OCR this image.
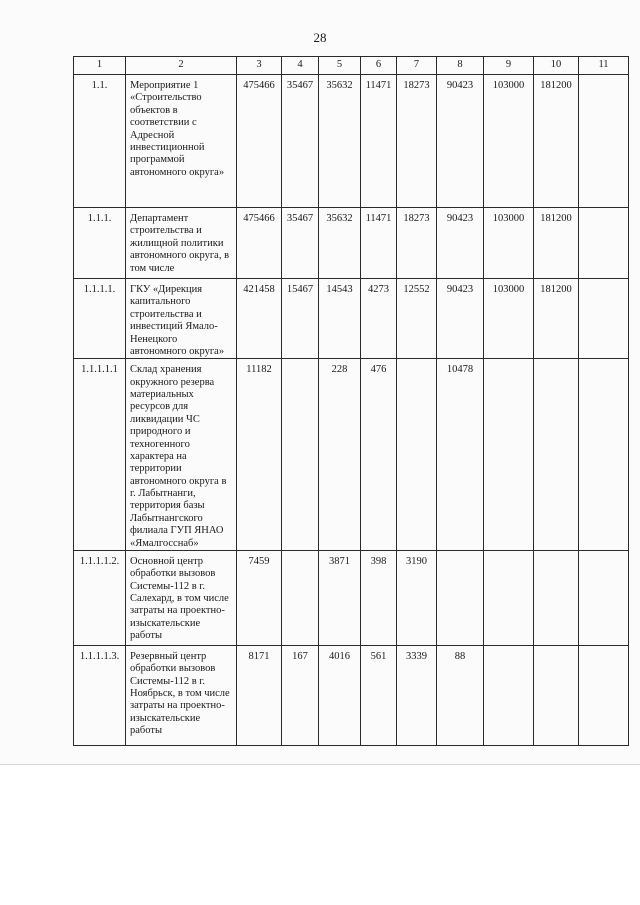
28
1	2	3	4	5	6	7	8	9	10	11
1.1.	Мероприятие 1 «Строительство объектов в соответствии с Адресной инвестиционной программой автономного округа»	475466	35467	35632	11471	18273	90423	103000	181200	
1.1.1.	Департамент строительства и жилищной политики автономного округа, в том числе	475466	35467	35632	11471	18273	90423	103000	181200	
1.1.1.1.	ГКУ «Дирекция капитального строительства и инвестиций Ямало-Ненецкого автономного округа»	421458	15467	14543	4273	12552	90423	103000	181200	
1.1.1.1.1	Склад хранения окружного резерва материальных ресурсов для ликвидации ЧС природного и техногенного характера на территории автономного округа в г. Лабытнанги, территория базы Лабытнангского филиала ГУП ЯНАО «Ямалгосснаб»	11182		228	476		10478			
1.1.1.1.2.	Основной центр обработки вызовов Системы-112 в г. Салехард, в том числе затраты на проектно-изыскательские работы	7459		3871	398	3190				
1.1.1.1.3.	Резервный центр обработки вызовов Системы-112 в г. Ноябрьск, в том числе затраты на проектно-изыскательские работы	8171	167	4016	561	3339	88			
